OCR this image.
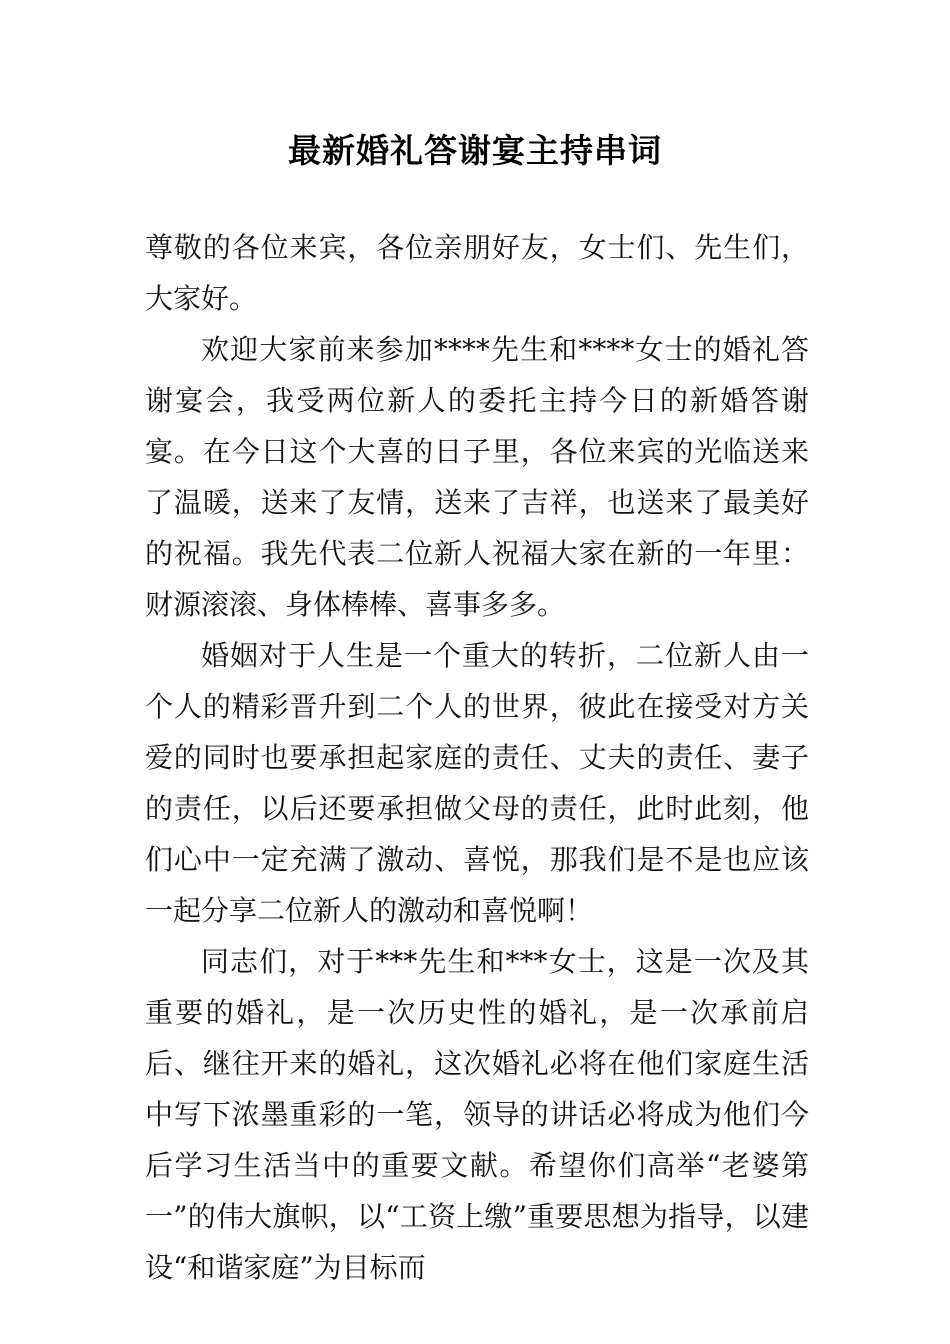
最新婚礼答谢宴主持串词

尊敬的各位来宾，各位亲朋好友，女士们、先生们，大家好。

欢迎大家前来参加****先生和****女士的婚礼答谢宴会，我受两位新人的委托主持今日的新婚答谢宴。在今日这个大喜的日子里，各位来宾的光临送来了温暖，送来了友情，送来了吉祥，也送来了最美好的祝福。我先代表二位新人祝福大家在新的一年里：财源滚滚、身体棒棒、喜事多多。

婚姻对于人生是一个重大的转折，二位新人由一个人的精彩晋升到二个人的世界，彼此在接受对方关爱的同时也要承担起家庭的责任、丈夫的责任、妻子的责任，以后还要承担做父母的责任，此时此刻，他们心中一定充满了激动、喜悦，那我们是不是也应该一起分享二位新人的激动和喜悦啊！

同志们，对于***先生和***女士，这是一次及其重要的婚礼，是一次历史性的婚礼，是一次承前启后、继往开来的婚礼，这次婚礼必将在他们家庭生活中写下浓墨重彩的一笔，领导的讲话必将成为他们今后学习生活当中的重要文献。希望你们高举“老婆第一”的伟大旗帜，以“工资上缴”重要思想为指导，以建设“和谐家庭”为目标而
